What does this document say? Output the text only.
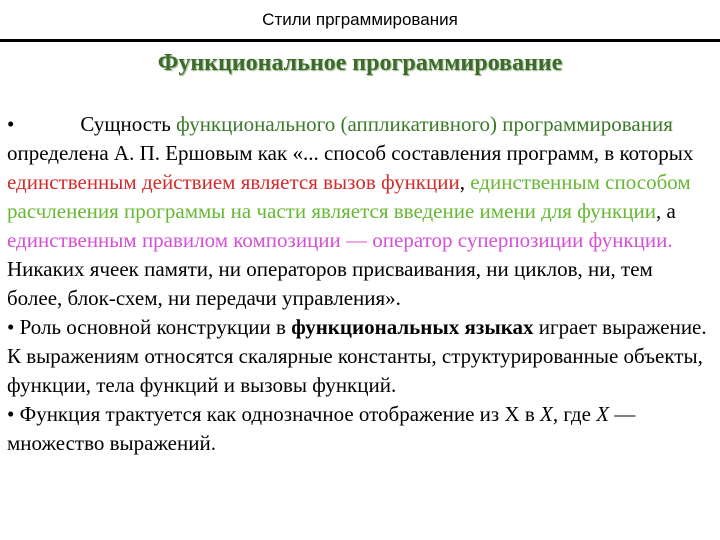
Стили прграммирования
Функциональное программирование

•	Сущность функционального (аппликативного) программирования определена А. П. Ершовым как «... способ составления программ, в которых единственным действием является вызов функции, единственным способом расчленения программы на части является введение имени для функции, а единственным правилом композиции — оператор суперпозиции функции. Никаких ячеек памяти, ни операторов присваивания, ни циклов, ни, тем более, блок-схем, ни передачи управления».

• Роль основной конструкции в функциональных языках играет выражение. К выражениям относятся скалярные константы, структурированные объекты, функции, тела функций и вызовы функций.

• Функция трактуется как однозначное отображение из X в X, где X — множество выражений.
